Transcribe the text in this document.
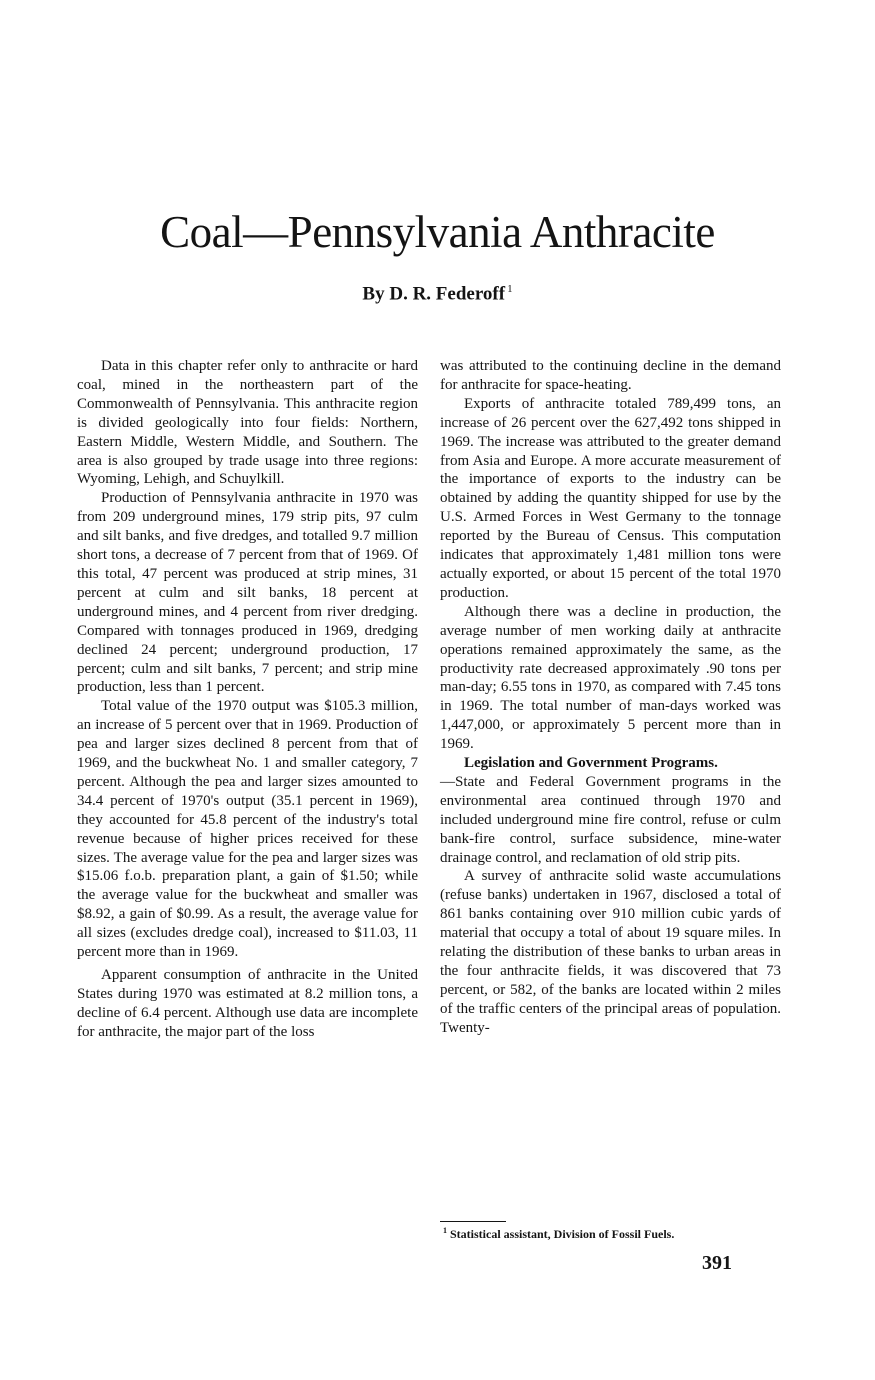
Coal—Pennsylvania Anthracite
By D. R. Federoff $^1$

Data in this chapter refer only to anthracite or hard coal, mined in the northeastern part of the Commonwealth of Pennsylvania. This anthracite region is divided geologically into four fields: Northern, Eastern Middle, Western Middle, and Southern. The area is also grouped by trade usage into three regions: Wyoming, Lehigh, and Schuylkill.

Production of Pennsylvania anthracite in 1970 was from 209 underground mines, 179 strip pits, 97 culm and silt banks, and five dredges, and totalled 9.7 million short tons, a decrease of 7 percent from that of 1969. Of this total, 47 percent was produced at strip mines, 31 percent at culm and silt banks, 18 percent at underground mines, and 4 percent from river dredging. Compared with tonnages produced in 1969, dredging declined 24 percent; underground production, 17 percent; culm and silt banks, 7 percent; and strip mine production, less than 1 percent.

Total value of the 1970 output was $105.3 million, an increase of 5 percent over that in 1969. Production of pea and larger sizes declined 8 percent from that of 1969, and the buckwheat No. 1 and smaller category, 7 percent. Although the pea and larger sizes amounted to 34.4 percent of 1970's output (35.1 percent in 1969), they accounted for 45.8 percent of the industry's total revenue because of higher prices received for these sizes. The average value for the pea and larger sizes was $15.06 f.o.b. preparation plant, a gain of $1.50; while the average value for the buckwheat and smaller was $8.92, a gain of $0.99. As a result, the average value for all sizes (excludes dredge coal), increased to $11.03, 11 percent more than in 1969.

Apparent consumption of anthracite in the United States during 1970 was estimated at 8.2 million tons, a decline of 6.4 percent. Although use data are incomplete for anthracite, the major part of the loss

was attributed to the continuing decline in the demand for anthracite for space-heating.

Exports of anthracite totaled 789,499 tons, an increase of 26 percent over the 627,492 tons shipped in 1969. The increase was attributed to the greater demand from Asia and Europe. A more accurate measurement of the importance of exports to the industry can be obtained by adding the quantity shipped for use by the U.S. Armed Forces in West Germany to the tonnage reported by the Bureau of Census. This computation indicates that approximately 1,481 million tons were actually exported, or about 15 percent of the total 1970 production.

Although there was a decline in production, the average number of men working daily at anthracite operations remained approximately the same, as the productivity rate decreased approximately .90 tons per man-day; 6.55 tons in 1970, as compared with 7.45 tons in 1969. The total number of man-days worked was 1,447,000, or approximately 5 percent more than in 1969.

Legislation and Government Programs.
—State and Federal Government programs in the environmental area continued through 1970 and included underground mine fire control, refuse or culm bank-fire control, surface subsidence, mine-water drainage control, and reclamation of old strip pits.

A survey of anthracite solid waste accumulations (refuse banks) undertaken in 1967, disclosed a total of 861 banks containing over 910 million cubic yards of material that occupy a total of about 19 square miles. In relating the distribution of these banks to urban areas in the four anthracite fields, it was discovered that 73 percent, or 582, of the banks are located within 2 miles of the traffic centers of the principal areas of population. Twenty-

$^1$ Statistical assistant, Division of Fossil Fuels.
391
